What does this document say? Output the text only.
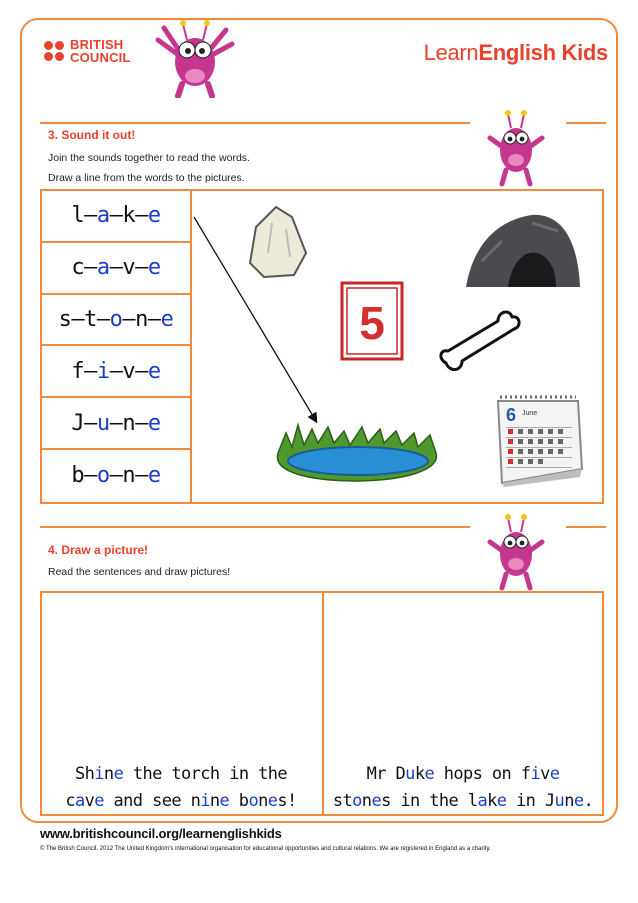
BRITISH
COUNCIL	LearnEnglish Kids
3. Sound it out!
Join the sounds together to read the words.
Draw a line from the words to the pictures.
l– a –k– e
c– a –v– e
s–t– o –n– e
f– i –v– e
J– u –n– e
b– o –n– e
5
6 June
4. Draw a picture!
Read the sentences and draw pictures!
Shine the torch in the
cave and see nine bones!
Mr Duke hops on five
stones in the lake in June.
www.britishcouncil.org/learnenglishkids
© The British Council, 2012 The United Kingdom's international organisation for educational opportunities and cultural relations. We are registered in England as a charity.
